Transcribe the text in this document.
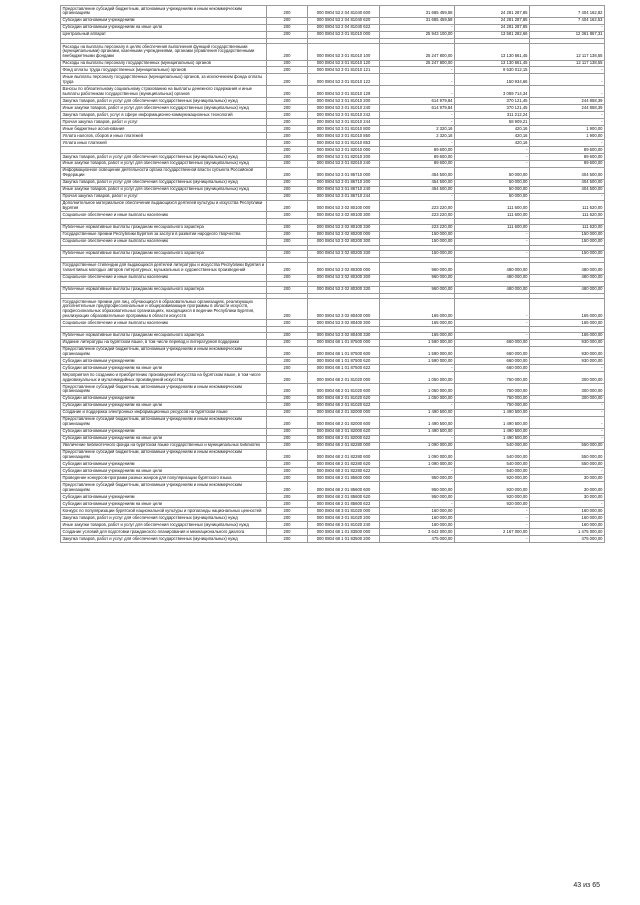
Предоставление субсидий бюджетным, автономным учреждениям и иным некоммерческим организациям	200	000 0804 53 2 04 81040 600	31 685 459,58	24 281 287,85	7 404 162,82
Субсидии автономным учреждениям	200	000 0804 53 2 04 81040 620	31 685 459,58	24 281 287,85	7 404 162,53
Субсидии автономным учреждениям на иные цели	200	000 0804 53 2 04 81040 622	-	24 281 287,85	-
Центральный аппарат	200	000 0804 53 3 01 81010 000	25 943 100,00	13 581 282,66	12 361 867,31

Расходы на выплаты персоналу в целях обеспечения выполнения функций государственными (муниципальными) органами, казенными учреждениями, органами управления государственными внебюджетными фондами	200	000 0804 53 3 01 81010 100	25 247 800,00	13 130 661,45	12 117 138,55
Расходы на выплаты персоналу государственных (муниципальных) органов	200	000 0804 53 3 01 81010 120	25 247 800,00	13 130 661,45	12 117 138,55
Фонд оплаты труда государственных (муниципальных) органов	200	000 0804 53 3 01 81010 121	-	9 530 012,15	-
Иные выплаты персоналу государственных (муниципальных) органов, за исключением фонда оплаты труда	200	000 0804 53 3 01 81010 122	-	150 934,66	-
Взносы по обязательному социальному страхованию на выплаты денежного содержания и иные выплаты работникам государственных (муниципальных) органов	200	000 0804 53 3 01 81010 129	-	3 089 714,34	-
Закупка товаров, работ и услуг для обеспечения государственных (муниципальных) нужд	200	000 0804 53 3 01 81010 200	614 979,84	370 121,45	244 858,39
Иные закупки товаров, работ и услуг для обеспечения государственных (муниципальных) нужд	200	000 0804 53 3 01 81010 240	614 979,84	370 121,45	244 858,39
Закупка товаров, работ, услуг в сфере информационно-коммуникационных технологий	200	000 0804 53 3 01 81010 242	-	311 212,24	-
Прочая закупка товаров, работ и услуг	200	000 0804 53 3 01 81010 244	-	58 909,21	-
Иные бюджетные ассигнования	200	000 0804 53 3 01 81010 800	2 320,16	420,16	1 900,00
Уплата налогов, сборов и иных платежей	200	000 0804 53 3 01 81010 850	2 320,16	420,16	1 900,00
Уплата иных платежей	200	000 0804 53 3 01 81010 853	-	420,16	-
	200	000 0804 53 3 01 82010 000	89 600,00	-	89 600,00
Закупка товаров, работ и услуг для обеспечения государственных (муниципальных) нужд	200	000 0804 53 3 01 82010 200	89 600,00	-	89 600,00
Иные закупки товаров, работ и услуг для обеспечения государственных (муниципальных) нужд	200	000 0804 53 3 01 82010 240	89 600,00	-	89 600,00
Информационное освещение деятельности органа государственной власти субъекта Российской Федерации	200	000 0804 53 3 01 86710 000	454 500,00	50 000,00	404 500,00
Закупка товаров, работ и услуг для обеспечения государственных (муниципальных) нужд	200	000 0804 53 3 01 86710 200	454 500,00	50 000,00	404 500,00
Иные закупки товаров, работ и услуг для обеспечения государственных (муниципальных) нужд	200	000 0804 53 3 01 86710 240	454 500,00	50 000,00	404 500,00
Прочая закупка товаров, работ и услуг	200	000 0804 53 3 01 86710 244	-	50 000,00	-
Дополнительное материальное обеспечение выдающихся деятелей культуры и искусства Республики Бурятия	200	000 0804 53 3 02 80100 000	223 220,00	111 600,00	111 620,00
Социальное обеспечение и иные выплаты населению	200	000 0804 53 3 02 80100 300	223 220,00	111 600,00	111 620,00

Публичные нормативные выплаты гражданам несоциального характера	200	000 0804 53 3 02 80100 330	223 220,00	111 600,00	111 620,00
Государственные премии Республики Бурятия за заслуги в развитии народного творчества	200	000 0804 53 3 02 80200 000	150 000,00	-	150 000,00
Социальное обеспечение и иные выплаты населению	200	000 0804 53 3 02 80200 300	150 000,00	-	150 000,00

Публичные нормативные выплаты гражданам несоциального характера	200	000 0804 53 3 02 80200 330	150 000,00	-	150 000,00

Государственные стипендии для выдающихся деятелей литературы и искусства Республики Бурятия и талантливых молодых авторов литературных, музыкальных и художественных произведений	200	000 0804 53 3 02 80300 000	960 000,00	480 000,00	480 000,00
Социальное обеспечение и иные выплаты населению	200	000 0804 53 3 02 80300 300	960 000,00	480 000,00	480 000,00

Публичные нормативные выплаты гражданам несоциального характера	200	000 0804 53 3 02 80300 330	960 000,00	480 000,00	480 000,00

Государственные премии для лиц, обучающихся в образовательных организациях, реализующих дополнительные предпрофессиональные и общеразвивающие программы в области искусств, профессиональных образовательных организациях, находящихся в ведении Республики Бурятия, реализующих образовательные программы в области искусств	200	000 0804 53 3 02 80400 000	165 000,00	-	165 000,00
Социальное обеспечение и иные выплаты населению	200	000 0804 53 3 02 80400 300	165 000,00	-	165 000,00

Публичные нормативные выплаты гражданам несоциального характера	200	000 0804 53 3 02 80400 330	165 000,00	-	165 000,00
Издание литературы на бурятском языке, в том числе перевод и литературной поддержки	200	000 0804 68 1 01 87500 000	1 590 000,00	660 000,00	930 000,00
Предоставление субсидий бюджетным, автономным учреждениям и иным некоммерческим организациям	200	000 0804 68 1 01 87500 600	1 590 000,00	660 000,00	930 000,00
Субсидии автономным учреждениям	200	000 0804 68 1 01 87500 620	1 590 000,00	660 000,00	930 000,00
Субсидии автономным учреждениям на иные цели	200	000 0804 68 1 01 87500 622	-	660 000,00	-
Мероприятия по созданию и приобретению произведений искусства на бурятском языке, в том числе аудиовизуальных и мультимедийных произведений искусства	200	000 0804 68 2 01 81020 000	1 050 000,00	750 000,00	300 000,00
Предоставление субсидий бюджетным, автономным учреждениям и иным некоммерческим организациям	200	000 0804 68 2 01 81020 600	1 050 000,00	750 000,00	300 000,00
Субсидии автономным учреждениям	200	000 0804 68 2 01 81020 620	1 050 000,00	750 000,00	300 000,00
Субсидии автономным учреждениям на иные цели	200	000 0804 68 2 01 81020 622	-	750 000,00	-
Создание и поддержка электронных информационных ресурсов на бурятском языке	200	000 0804 68 2 01 82000 000	1 490 500,00	1 490 500,00	-
Предоставление субсидий бюджетным, автономным учреждениям и иным некоммерческим организациям	200	000 0804 68 2 01 82000 600	1 490 500,00	1 490 500,00	-
Субсидии автономным учреждениям	200	000 0804 68 2 01 82000 620	1 490 500,00	1 490 500,00	-
Субсидии автономным учреждениям на иные цели	200	000 0804 68 2 01 82000 622	-	1 490 500,00	-
Увеличение библиотечного фонда на бурятском языке государственных и муниципальных библиотек	200	000 0804 68 2 01 82280 000	1 090 000,00	540 000,00	550 000,00
Предоставление субсидий бюджетным, автономным учреждениям и иным некоммерческим организациям	200	000 0804 68 2 01 82280 600	1 090 000,00	540 000,00	550 000,00
Субсидии автономным учреждениям	200	000 0804 68 2 01 82280 620	1 090 000,00	540 000,00	550 000,00
Субсидии автономным учреждениям на иные цели	200	000 0804 68 2 01 82280 622	-	540 000,00	-
Проведение конкурсов-программ разных жанров для популяризации бурятского языка	200	000 0804 68 2 01 85600 000	950 000,00	920 000,00	30 000,00
Предоставление субсидий бюджетным, автономным учреждениям и иным некоммерческим организациям	200	000 0804 68 2 01 85600 600	950 000,00	920 000,00	30 000,00
Субсидии автономным учреждениям	200	000 0804 68 2 01 85600 620	950 000,00	920 000,00	30 000,00
Субсидии автономным учреждениям на иные цели	200	000 0804 68 2 01 85600 622	-	920 000,00	-
Конкурс по популяризации бурятской национальной культуры и пропаганды национальных ценностей	200	000 0804 68 3 01 81020 000	160 000,00	-	160 000,00
Закупка товаров, работ и услуг для обеспечения государственных (муниципальных) нужд	200	000 0804 68 3 01 81020 200	160 000,00	-	160 000,00
Иные закупки товаров, работ и услуг для обеспечения государственных (муниципальных) нужд	200	000 0804 68 3 01 81020 240	160 000,00	-	160 000,00
Создание условий для подготовки гражданского планирования и межнационального диалога	200	000 0804 68 1 01 83500 000	3 642 000,00	2 167 000,00	1 475 000,00
Закупка товаров, работ и услуг для обеспечения государственных (муниципальных) нужд	200	000 0804 68 1 01 83500 200	475 000,00	-	475 000,00
43 из 65
